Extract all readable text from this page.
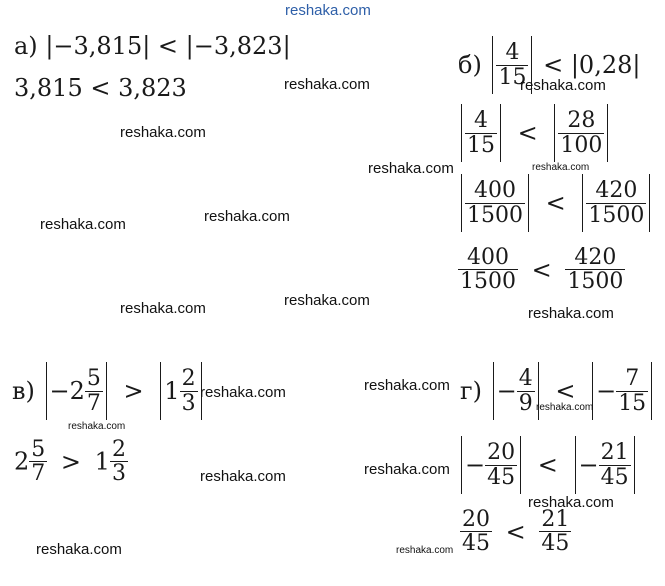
reshaka.com
а) |−3,815| < |−3,823|
3,815 < 3,823
$б) \frac{4}{15} < |0,28|$
$\frac{4}{15} < \frac{28}{100}$
$\frac{400}{1500} < \frac{420}{1500}$
$\frac{400}{1500} < \frac{420}{1500}$
$в) -2 \frac{5}{7} > 1 \frac{2}{3}$
$2 \frac{5}{7} > 1 \frac{2}{3}$
$г) - \frac{4}{9}$ < − $\frac{7}{15}$
− $\frac{20}{45}$ < − $\frac{21}{45}$
$\frac{20}{45} < \frac{21}{45}$
reshaka.com
reshaka.com
reshaka.com
reshaka.com	reshaka.com
reshaka.com	reshaka.com
reshaka.com	reshaka.com
reshaka.com
reshaka.com	reshaka.com
reshaka.com
reshaka.com
reshaka.com	reshaka.com
reshaka.com
reshaka.com	reshaka.com
